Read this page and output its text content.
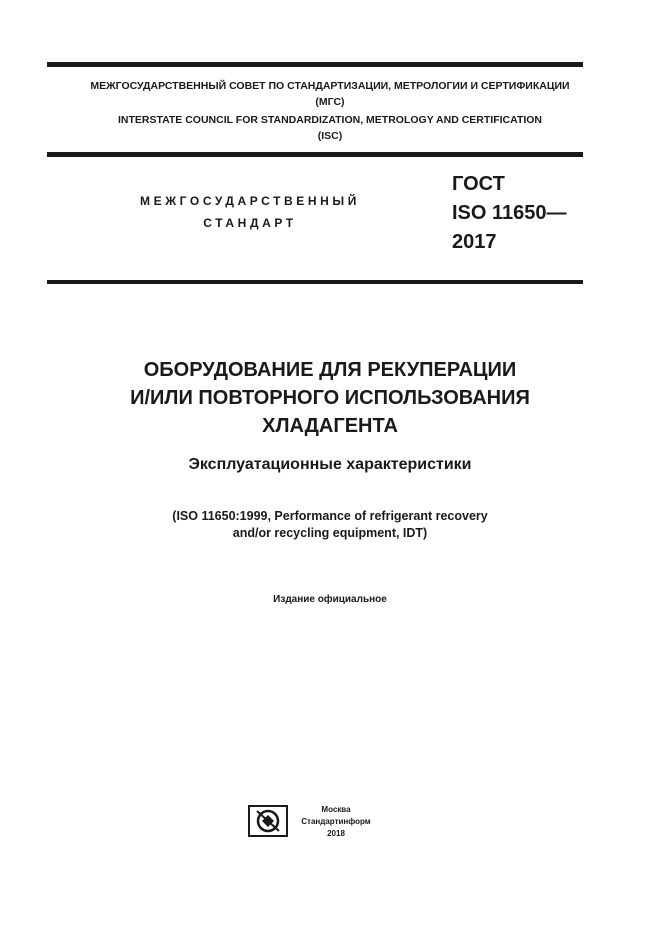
МЕЖГОСУДАРСТВЕННЫЙ СОВЕТ ПО СТАНДАРТИЗАЦИИ, МЕТРОЛОГИИ И СЕРТИФИКАЦИИ
(МГС)
INTERSTATE COUNCIL FOR STANDARDIZATION, METROLOGY AND CERTIFICATION
(ISC)
МЕЖГОСУДАРСТВЕННЫЙ
СТАНДАРТ
ГОСТ
ISO 11650—
2017
ОБОРУДОВАНИЕ ДЛЯ РЕКУПЕРАЦИИ
И/ИЛИ ПОВТОРНОГО ИСПОЛЬЗОВАНИЯ
ХЛАДАГЕНТА
Эксплуатационные характеристики
(ISO 11650:1999, Performance of refrigerant recovery
and/or recycling equipment, IDT)
Издание официальное
Москва
Стандартинформ
2018
